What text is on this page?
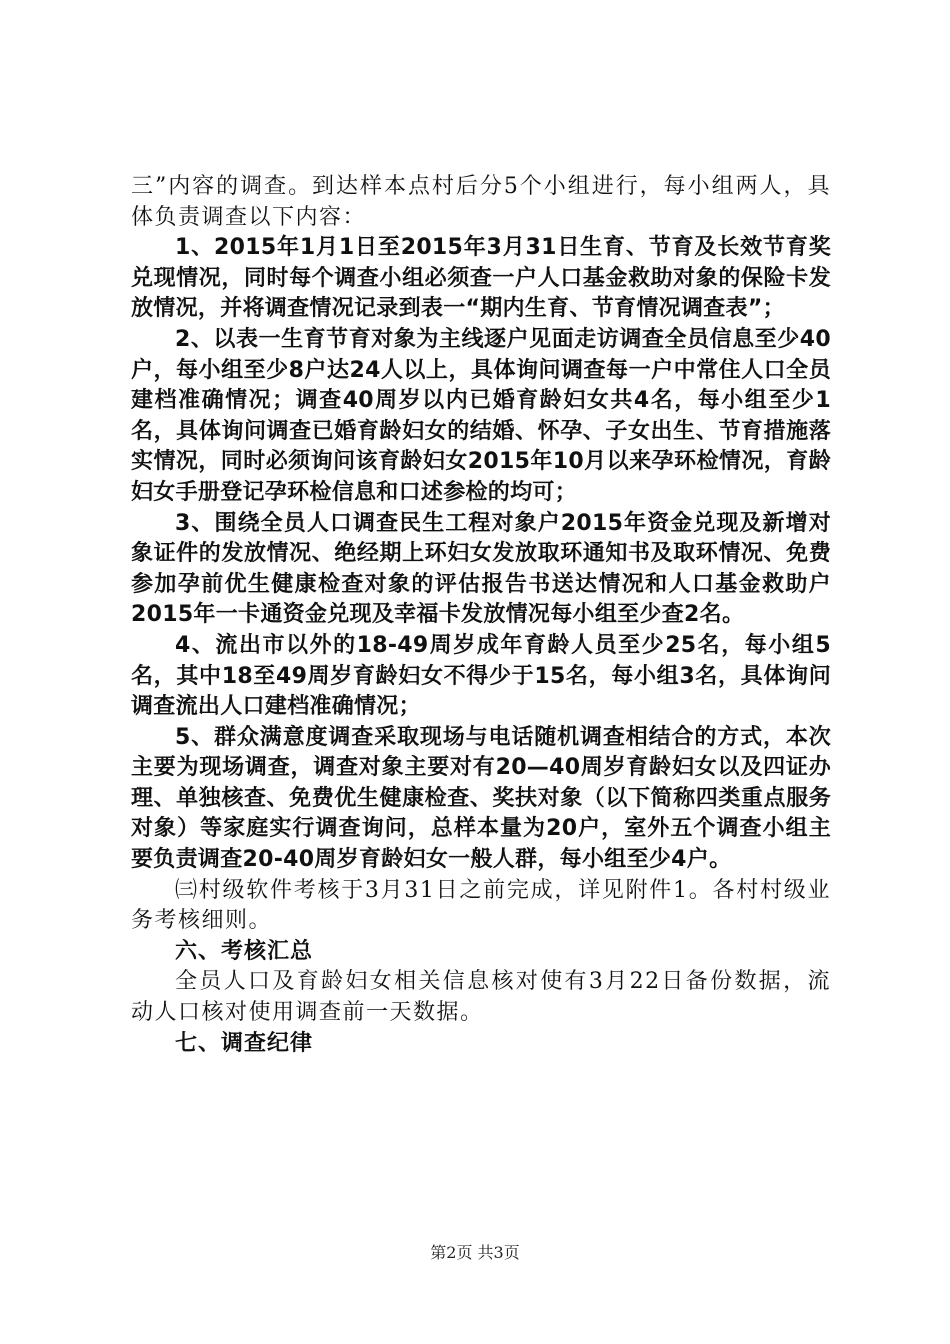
三”内容的调查。到达样本点村后分5个小组进行，每小组两人，具体负责调查以下内容：

1、2015年1月1日至2015年3月31日生育、节育及长效节育奖兑现情况，同时每个调查小组必须查一户人口基金救助对象的保险卡发放情况，并将调查情况记录到表一“期内生育、节育情况调查表”；

2、以表一生育节育对象为主线逐户见面走访调查全员信息至少40户，每小组至少8户达24人以上，具体询问调查每一户中常住人口全员建档准确情况；调查40周岁以内已婚育龄妇女共4名，每小组至少1名，具体询问调查已婚育龄妇女的结婚、怀孕、子女出生、节育措施落实情况，同时必须询问该育龄妇女2015年10月以来孕环检情况，育龄妇女手册登记孕环检信息和口述参检的均可；

3、围绕全员人口调查民生工程对象户2015年资金兑现及新增对象证件的发放情况、绝经期上环妇女发放取环通知书及取环情况、免费参加孕前优生健康检查对象的评估报告书送达情况和人口基金救助户2015年一卡通资金兑现及幸福卡发放情况每小组至少查2名。

4、流出市以外的18-49周岁成年育龄人员至少25名，每小组5名，其中18至49周岁育龄妇女不得少于15名，每小组3名，具体询问调查流出人口建档准确情况；

5、群众满意度调查采取现场与电话随机调查相结合的方式，本次主要为现场调查，调查对象主要对有20—40周岁育龄妇女以及四证办理、单独核查、免费优生健康检查、奖扶对象（以下简称四类重点服务对象）等家庭实行调查询问，总样本量为20户，室外五个调查小组主要负责调查20-40周岁育龄妇女一般人群，每小组至少4户。

㈢村级软件考核于3月31日之前完成，详见附件1。各村村级业务考核细则。

六、考核汇总

全员人口及育龄妇女相关信息核对使有3月22日备份数据，流动人口核对使用调查前一天数据。

七、调查纪律

第2页 共3页
